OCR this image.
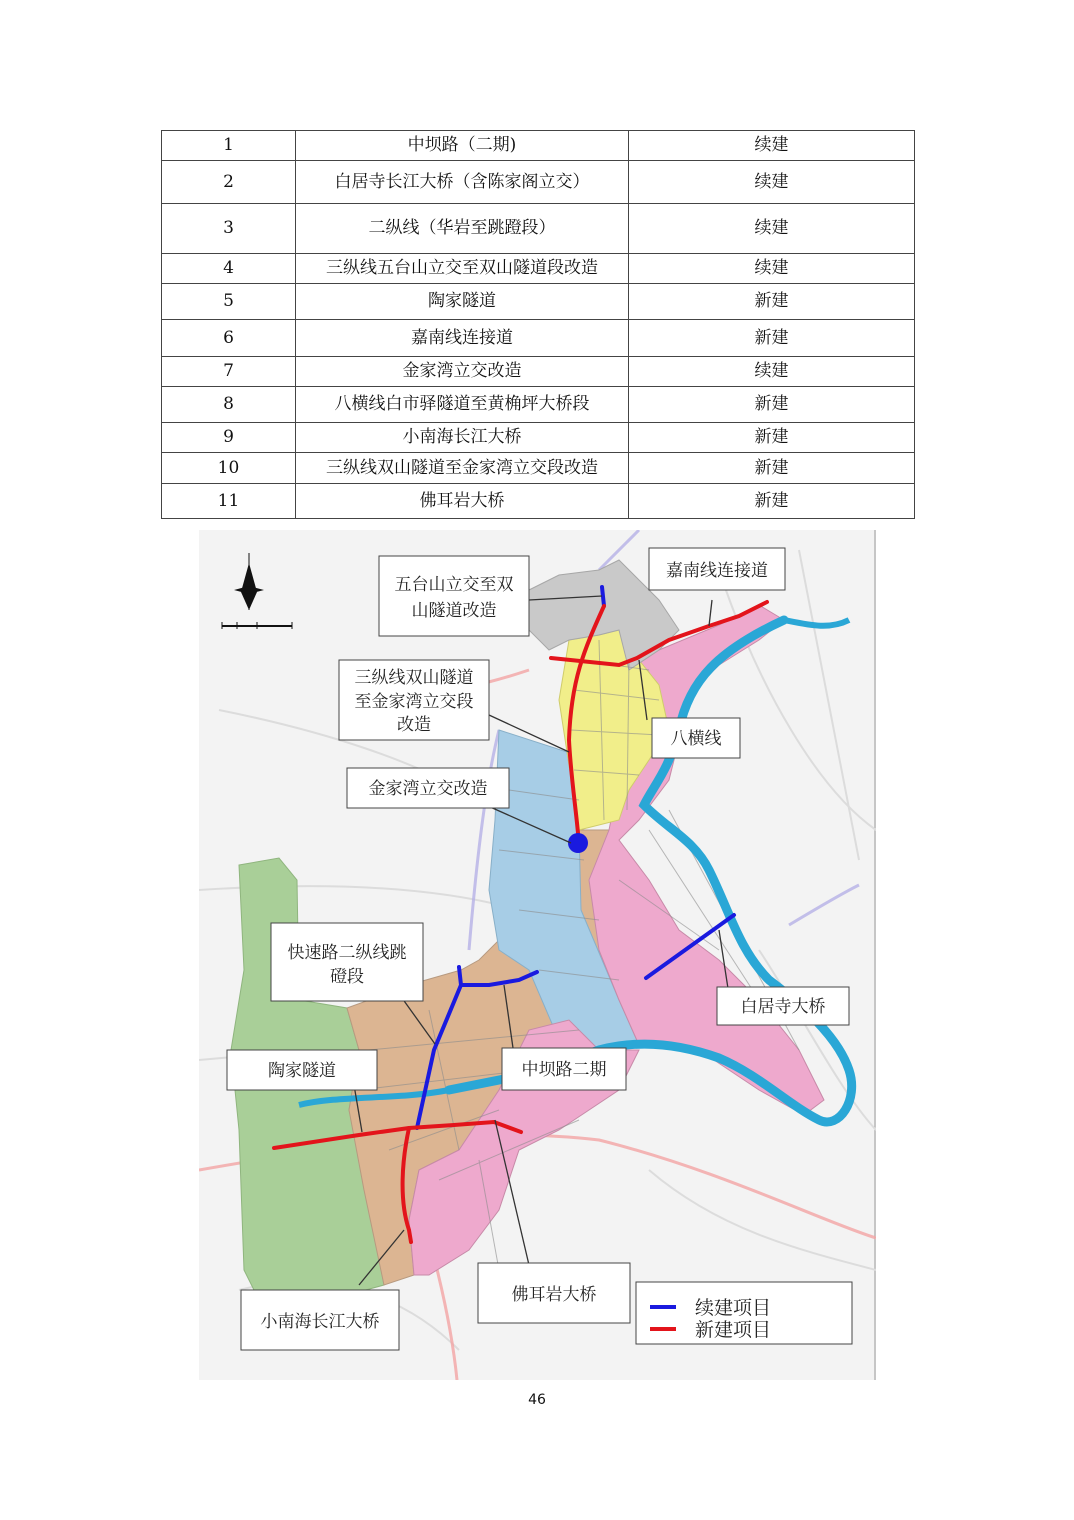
1	中坝路（二期)	续建
2	白居寺长江大桥（含陈家阁立交）	续建
3	二纵线（华岩至跳蹬段）	续建
4	三纵线五台山立交至双山隧道段改造	续建
5	陶家隧道	新建
6	嘉南线连接道	新建
7	金家湾立交改造	续建
8	八横线白市驿隧道至黄桷坪大桥段	新建
9	小南海长江大桥	新建
10	三纵线双山隧道至金家湾立交段改造	新建
11	佛耳岩大桥	新建
五台山立交至双
山隧道改造
嘉南线连接道
三纵线双山隧道
至金家湾立交段
改造
八横线
金家湾立交改造
快速路二纵线跳
磴段
白居寺大桥
陶家隧道	中坝路二期
佛耳岩大桥
小南海长江大桥
续建项目
新建项目
46
